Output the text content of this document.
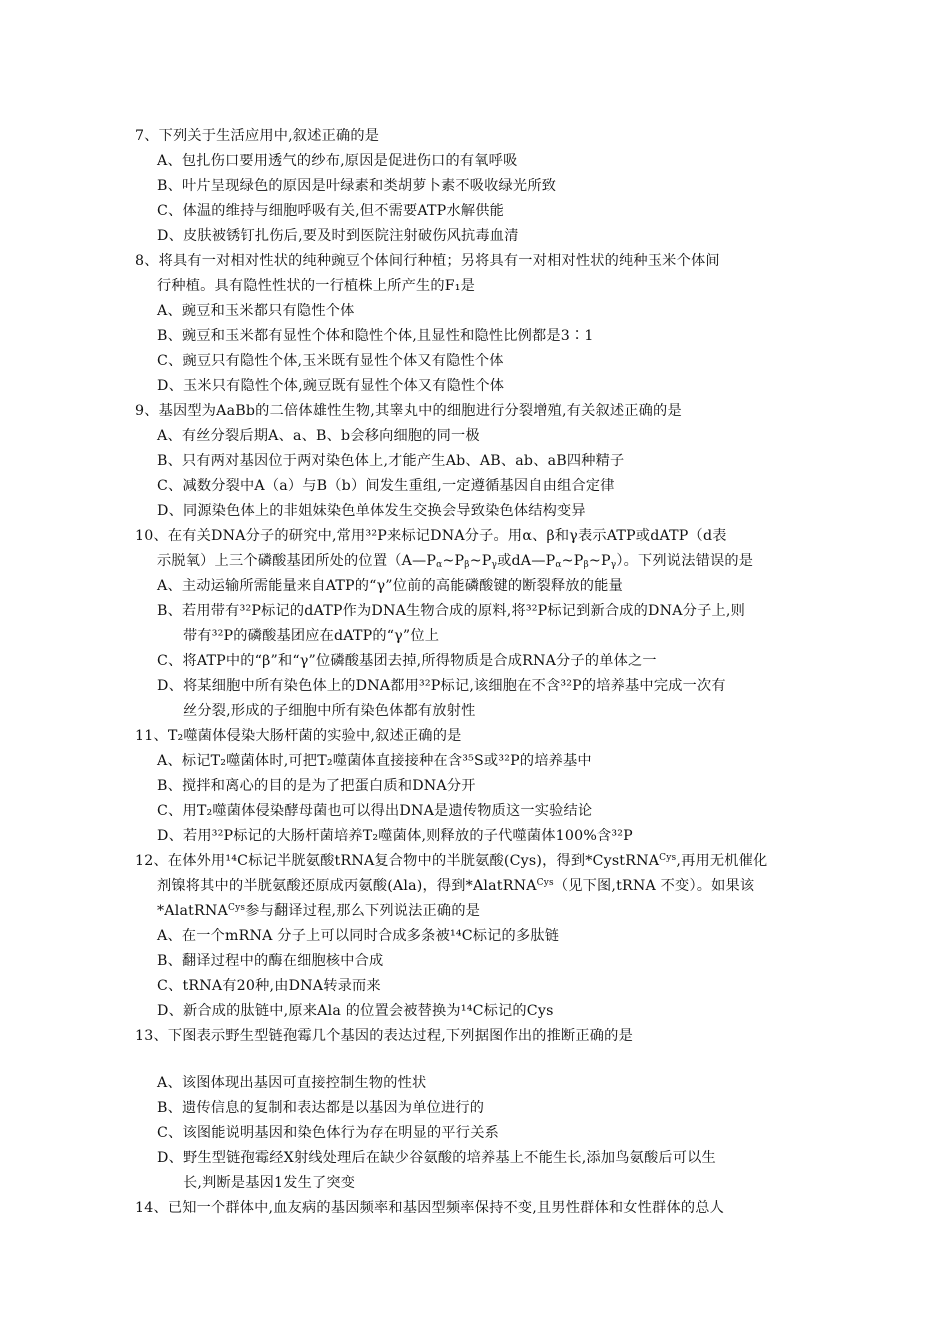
7、下列关于生活应用中,叙述正确的是
A、包扎伤口要用透气的纱布,原因是促进伤口的有氧呼吸
B、叶片呈现绿色的原因是叶绿素和类胡萝卜素不吸收绿光所致
C、体温的维持与细胞呼吸有关,但不需要ATP水解供能
D、皮肤被锈钉扎伤后,要及时到医院注射破伤风抗毒血清
8、将具有一对相对性状的纯种豌豆个体间行种植；另将具有一对相对性状的纯种玉米个体间
行种植。具有隐性性状的一行植株上所产生的F₁是
A、豌豆和玉米都只有隐性个体
B、豌豆和玉米都有显性个体和隐性个体,且显性和隐性比例都是3∶1
C、豌豆只有隐性个体,玉米既有显性个体又有隐性个体
D、玉米只有隐性个体,豌豆既有显性个体又有隐性个体
9、基因型为AaBb的二倍体雄性生物,其睾丸中的细胞进行分裂增殖,有关叙述正确的是
A、有丝分裂后期A、a、B、b会移向细胞的同一极
B、只有两对基因位于两对染色体上,才能产生Ab、AB、ab、aB四种精子
C、减数分裂中A（a）与B（b）间发生重组,一定遵循基因自由组合定律
D、同源染色体上的非姐妹染色单体发生交换会导致染色体结构变异
10、在有关DNA分子的研究中,常用³²P来标记DNA分子。用α、β和γ表示ATP或dATP（d表
示脱氧）上三个磷酸基团所处的位置（$A—P_\alpha\sim P_\beta\sim P_\gamma$或$dA—P_\alpha\sim P_\beta\sim P_\gamma$）。下列说法错误的是
A、主动运输所需能量来自ATP的“γ”位前的高能磷酸键的断裂释放的能量
B、若用带有³²P标记的dATP作为DNA生物合成的原料,将³²P标记到新合成的DNA分子上,则
带有³²P的磷酸基团应在dATP的“γ”位上
C、将ATP中的“β”和“γ”位磷酸基团去掉,所得物质是合成RNA分子的单体之一
D、将某细胞中所有染色体上的DNA都用³²P标记,该细胞在不含³²P的培养基中完成一次有
丝分裂,形成的子细胞中所有染色体都有放射性
11、T₂噬菌体侵染大肠杆菌的实验中,叙述正确的是
A、标记T₂噬菌体时,可把T₂噬菌体直接接种在含³⁵S或³²P的培养基中
B、搅拌和离心的目的是为了把蛋白质和DNA分开
C、用T₂噬菌体侵染酵母菌也可以得出DNA是遗传物质这一实验结论
D、若用³²P标记的大肠杆菌培养T₂噬菌体,则释放的子代噬菌体100%含³²P
12、在体外用¹⁴C标记半胱氨酸tRNA复合物中的半胱氨酸(Cys)，得到*CystRNA$^{Cys}$,再用无机催化
剂镍将其中的半胱氨酸还原成丙氨酸(Ala)，得到*AlatRNA$^{Cys}$（见下图,tRNA 不变）。如果该
*AlatRNA$^{Cys}$参与翻译过程,那么下列说法正确的是
A、在一个mRNA 分子上可以同时合成多条被¹⁴C标记的多肽链
B、翻译过程中的酶在细胞核中合成
C、tRNA有20种,由DNA转录而来
D、新合成的肽链中,原来Ala 的位置会被替换为¹⁴C标记的Cys
13、下图表示野生型链孢霉几个基因的表达过程,下列据图作出的推断正确的是
A、该图体现出基因可直接控制生物的性状
B、遗传信息的复制和表达都是以基因为单位进行的
C、该图能说明基因和染色体行为存在明显的平行关系
D、野生型链孢霉经X射线处理后在缺少谷氨酸的培养基上不能生长,添加鸟氨酸后可以生
长,判断是基因1发生了突变
14、已知一个群体中,血友病的基因频率和基因型频率保持不变,且男性群体和女性群体的总人
